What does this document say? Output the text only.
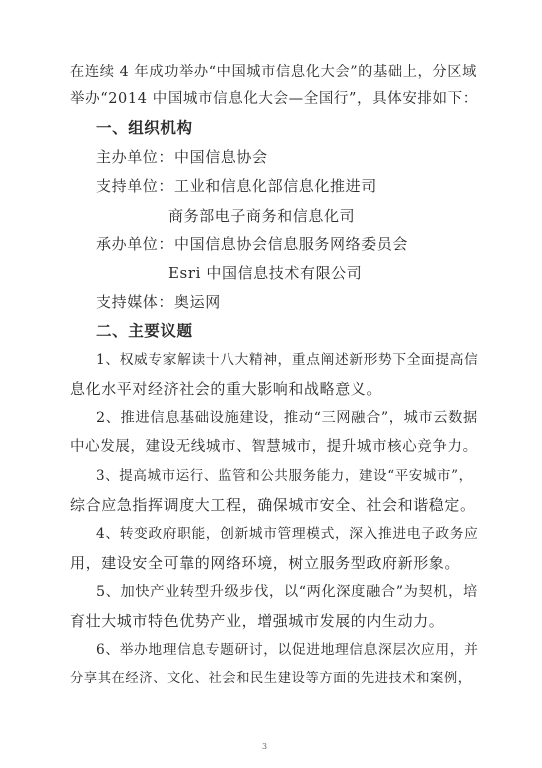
在连续 4 年成功举办“中国城市信息化大会”的基础上，分区域
举办“2014 中国城市信息化大会—全国行”，具体安排如下：
一、组织机构
主办单位：中国信息协会
支持单位：工业和信息化部信息化推进司
商务部电子商务和信息化司
承办单位：中国信息协会信息服务网络委员会
Esri 中国信息技术有限公司
支持媒体：奥运网
二、主要议题
1、权威专家解读十八大精神，重点阐述新形势下全面提高信
息化水平对经济社会的重大影响和战略意义。
2、推进信息基础设施建设，推动“三网融合”，城市云数据
中心发展，建设无线城市、智慧城市，提升城市核心竞争力。
3、提高城市运行、监管和公共服务能力，建设“平安城市”，
综合应急指挥调度大工程，确保城市安全、社会和谐稳定。
4、转变政府职能，创新城市管理模式，深入推进电子政务应
用，建设安全可靠的网络环境，树立服务型政府新形象。
5、加快产业转型升级步伐，以“两化深度融合”为契机，培
育壮大城市特色优势产业，增强城市发展的内生动力。
6、举办地理信息专题研讨，以促进地理信息深层次应用，并
分享其在经济、文化、社会和民生建设等方面的先进技术和案例，
3
